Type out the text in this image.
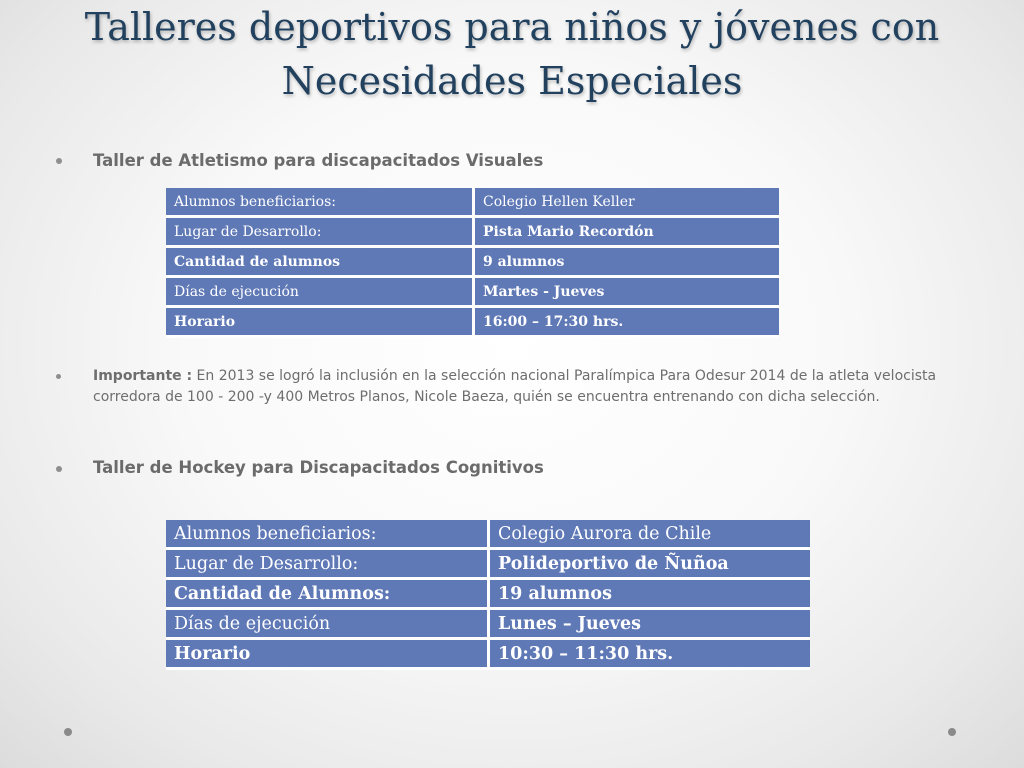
Talleres deportivos para niños y jóvenes con Necesidades Especiales
Taller de Atletismo para discapacitados Visuales
Alumnos beneficiarios:	Colegio Hellen Keller
Lugar de Desarrollo:	Pista Mario Recordón
Cantidad de alumnos	9 alumnos
Días de ejecución	Martes - Jueves
Horario	16:00 – 17:30 hrs.

Importante : En 2013 se logró la inclusión en la selección nacional Paralímpica Para Odesur 2014 de la atleta velocista corredora de 100 - 200 -y 400 Metros Planos, Nicole Baeza, quién se encuentra entrenando con dicha selección.

Taller de Hockey para Discapacitados Cognitivos
Alumnos beneficiarios:	Colegio Aurora de Chile
Lugar de Desarrollo:	Polideportivo de Ñuñoa
Cantidad de Alumnos:	19 alumnos
Días de ejecución	Lunes – Jueves
Horario	10:30 – 11:30 hrs.
